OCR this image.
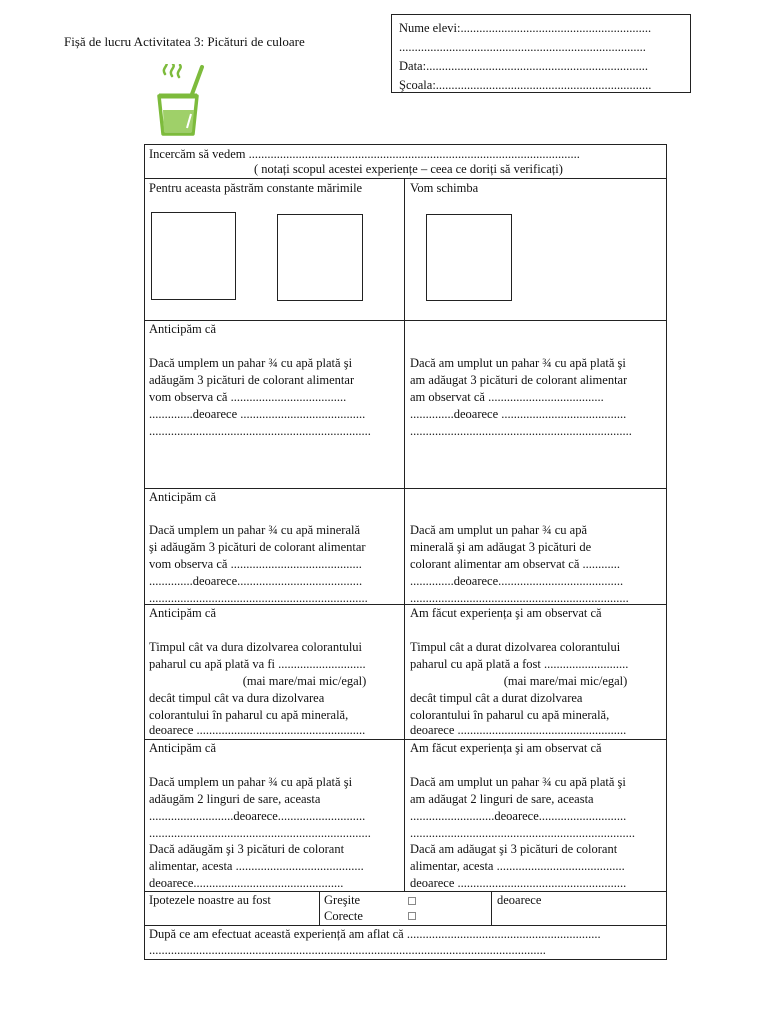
Fișă de lucru Activitatea 3: Picături de culoare
Nume elevi:.............................................................
...............................................................................
Data:.......................................................................
Şcoala:.....................................................................
Incercăm să vedem ..........................................................................................................
( notați scopul acestei experiențe – ceea ce doriți să verificați)
Pentru aceasta păstrăm constante mărimile	Vom schimba
Anticipăm că
Dacă umplem un pahar ¾ cu apă plată şi
adăugăm 3 picături de colorant alimentar
vom observa că .....................................
..............deoarece ........................................
.......................................................................
Dacă am umplut un pahar ¾ cu apă plată şi
am adăugat 3 picături de colorant alimentar
am observat că .....................................
..............deoarece ........................................
.......................................................................
Anticipăm că
Dacă umplem un pahar ¾ cu apă minerală
şi adăugăm 3 picături de colorant alimentar
vom observa că ..........................................
..............deoarece........................................
......................................................................
Dacă am umplut un pahar ¾ cu apă
minerală şi am adăugat 3 picături de
colorant alimentar am observat că ............
..............deoarece........................................
......................................................................
Anticipăm că
Timpul cât va dura dizolvarea colorantului
paharul cu apă plată va fi ............................
(mai mare/mai mic/egal)
decât timpul cât va dura dizolvarea
colorantului în paharul cu apă minerală,
deoarece ......................................................
Am făcut experiența şi am observat că
Timpul cât a durat dizolvarea colorantului
paharul cu apă plată a fost ...........................
(mai mare/mai mic/egal)
decât timpul cât a durat dizolvarea
colorantului în paharul cu apă minerală,
deoarece ......................................................
Anticipăm că
Dacă umplem un pahar ¾ cu apă plată şi
adăugăm 2 linguri de sare, aceasta
...........................deoarece............................
.......................................................................
Dacă adăugăm şi 3 picături de colorant
alimentar, acesta .........................................
deoarece................................................
Am făcut experiența şi am observat că
Dacă am umplut un pahar ¾ cu apă plată şi
am adăugat 2 linguri de sare, aceasta
...........................deoarece............................
........................................................................
Dacă am adăugat şi 3 picături de colorant
alimentar, acesta .........................................
deoarece ......................................................
Ipotezele noastre au fost	Greşite
Corecte
deoarece
După ce am efectuat această experiență am aflat că ..............................................................
...............................................................................................................................
